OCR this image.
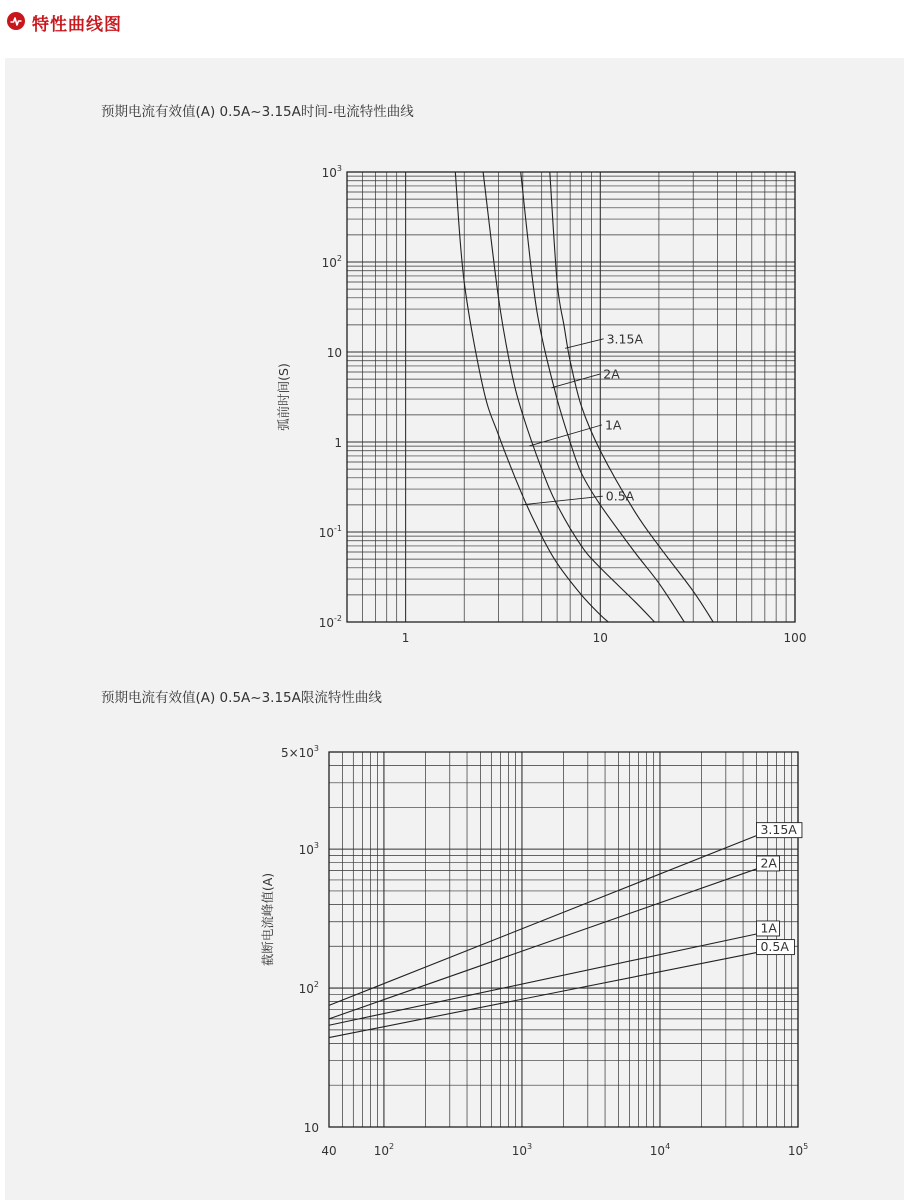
特性曲线图
预期电流有效值(A) 0.5A~3.15A时间-电流特性曲线
预期电流有效值(A) 0.5A~3.15A限流特性曲线
$10^3$
$10^2$
10
1
$10^{-1}$
$10^{-2}$
1	10	100
弧前时间(S)
0.5A
1A
2A
3.15A
$5\times 10^3$
$10^3$
$10^2$
10
40	$10^2$	$10^3$	$10^4$	$10^5$
截断电流峰值(A)
3.15A
2A
1A
0.5A
